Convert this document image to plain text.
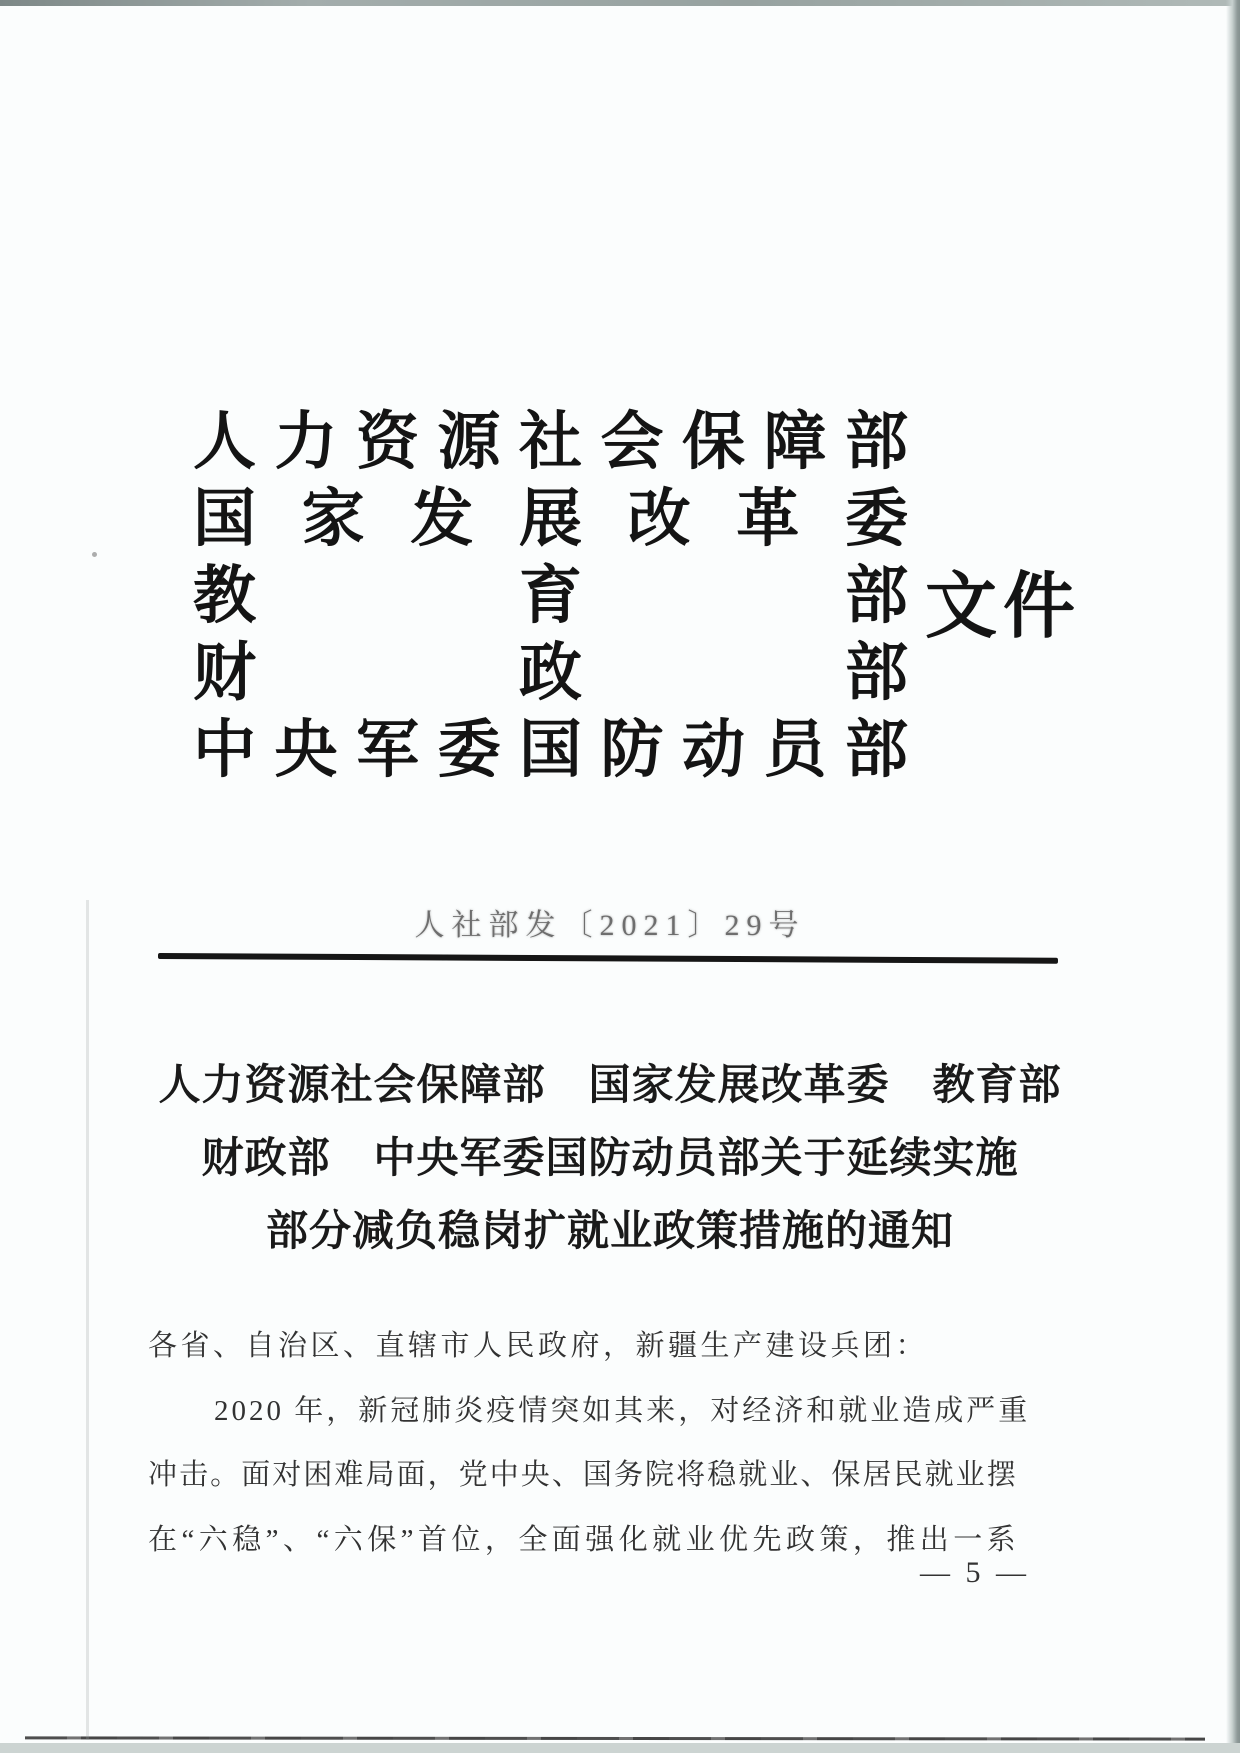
人 力 资 源 社 会 保 障 部
国 家 发 展 改 革 委
教	育	部
财	政	部
中 央 军 委 国 防 动 员 部
文件
人社部发〔2021〕29号
人力资源社会保障部　国家发展改革委　教育部
财政部　中央军委国防动员部关于延续实施
部分减负稳岗扩就业政策措施的通知

各省、自治区、直辖市人民政府，新疆生产建设兵团：

2020 年，新冠肺炎疫情突如其来，对经济和就业造成严重

冲 击 。 面 对 困 难 局 面 ， 党 中 央 、 国 务 院 将 稳 就 业 、 保 居 民 就 业 摆

在 “ 六 稳 ” 、 “ 六 保 ” 首 位 ， 全 面 强 化 就 业 优 先 政 策 ， 推 出 一 系

— 5 —
